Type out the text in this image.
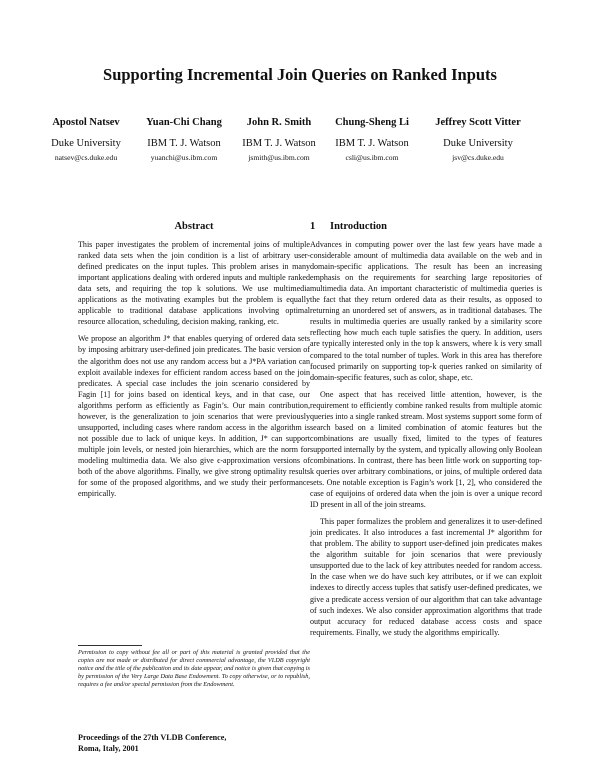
Supporting Incremental Join Queries on Ranked Inputs
Apostol Natsev
Duke University
natsev@cs.duke.edu
Yuan-Chi Chang
IBM T. J. Watson
yuanchi@us.ibm.com
John R. Smith
IBM T. J. Watson
jsmith@us.ibm.com
Chung-Sheng Li
IBM T. J. Watson
csli@us.ibm.com
Jeffrey Scott Vitter
Duke University
jsv@cs.duke.edu
Abstract

This paper investigates the problem of incremental joins of multiple ranked data sets when the join condition is a list of arbitrary user-defined predicates on the input tuples. This problem arises in many important applications dealing with ordered inputs and multiple ranked data sets, and requiring the top k solutions. We use multimedia applications as the motivating examples but the problem is equally applicable to traditional database applications involving optimal resource allocation, scheduling, decision making, ranking, etc.

We propose an algorithm J* that enables querying of ordered data sets by imposing arbitrary user-defined join predicates. The basic version of the algorithm does not use any random access but a J*PA variation can exploit available indexes for efficient random access based on the join predicates. A special case includes the join scenario considered by Fagin [1] for joins based on identical keys, and in that case, our algorithms perform as efficiently as Fagin’s. Our main contribution, however, is the generalization to join scenarios that were previously unsupported, including cases where random access in the algorithm is not possible due to lack of unique keys. In addition, J* can support multiple join levels, or nested join hierarchies, which are the norm for modeling multimedia data. We also give ϵ-approximation versions of both of the above algorithms. Finally, we give strong optimality results for some of the proposed algorithms, and we study their performance empirically.

1 Introduction

Advances in computing power over the last few years have made a considerable amount of multimedia data available on the web and in domain-specific applications. The result has been an increasing emphasis on the requirements for searching large repositories of multimedia data. An important characteristic of multimedia queries is the fact that they return ordered data as their results, as opposed to returning an unordered set of answers, as in traditional databases. The results in multimedia queries are usually ranked by a similarity score reflecting how much each tuple satisfies the query. In addition, users are typically interested only in the top k answers, where k is very small compared to the total number of tuples. Work in this area has therefore focused primarily on supporting top-k queries ranked on similarity of domain-specific features, such as color, shape, etc.

One aspect that has received little attention, however, is the requirement to efficiently combine ranked results from multiple atomic queries into a single ranked stream. Most systems support some form of search based on a limited combination of atomic features but the combinations are usually fixed, limited to the types of features supported internally by the system, and typically allowing only Boolean combinations. In contrast, there has been little work on supporting top-k queries over arbitrary combinations, or joins, of multiple ordered data sets. One notable exception is Fagin’s work [1, 2], who considered the case of equijoins of ordered data when the join is over a unique record ID present in all of the join streams.

This paper formalizes the problem and generalizes it to user-defined join predicates. It also introduces a fast incremental J* algorithm for that problem. The ability to support user-defined join predicates makes the algorithm suitable for join scenarios that were previously unsupported due to the lack of key attributes needed for random access. In the case when we do have such key attributes, or if we can exploit indexes to directly access tuples that satisfy user-defined predicates, we give a predicate access version of our algorithm that can take advantage of such indexes. We also consider approximation algorithms that trade output accuracy for reduced database access costs and space requirements. Finally, we study the algorithms empirically.

Permission to copy without fee all or part of this material is granted provided that the copies are not made or distributed for direct commercial advantage, the VLDB copyright notice and the title of the publication and its date appear, and notice is given that copying is by permission of the Very Large Data Base Endowment. To copy otherwise, or to republish, requires a fee and/or special permission from the Endowment.
Proceedings of the 27th VLDB Conference,
Roma, Italy, 2001
